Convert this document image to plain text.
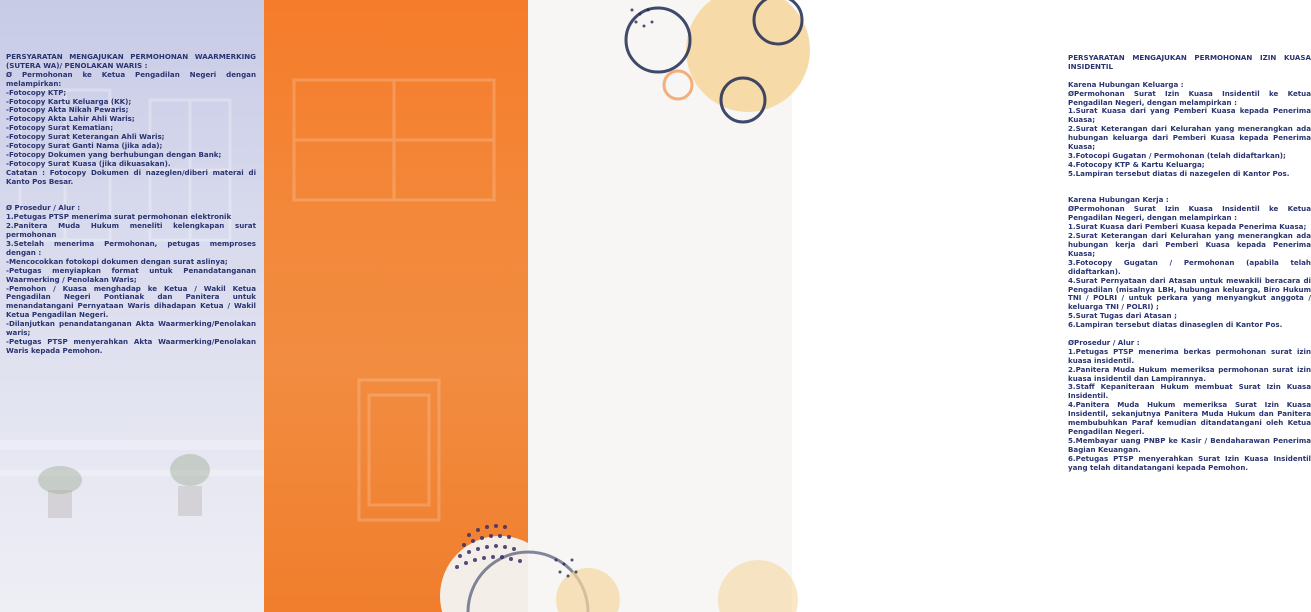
PERSYARATAN MENGAJUKAN PERMOHONAN WAARMERKING (SUTERA WA)/ PENOLAKAN WARIS :

Ø Permohonan ke Ketua Pengadilan Negeri dengan melampirkan:

-Fotocopy KTP;

-Fotocopy Kartu Keluarga (KK);

-Fotocopy Akta Nikah Pewaris;

-Fotocopy Akta Lahir Ahli Waris;

-Fotocopy Surat Kematian;

-Fotocopy Surat Keterangan Ahli Waris;

-Fotocopy Surat Ganti Nama (jika ada);

-Fotocopy Dokumen yang berhubungan dengan Bank;

-Fotocopy Surat Kuasa (jika dikuasakan).

Catatan : Fotocopy Dokumen di nazeglen/diberi materai di Kanto Pos Besar.

Ø Prosedur / Alur :

1.Petugas PTSP menerima surat permohonan elektronik

2.Panitera Muda Hukum meneliti kelengkapan surat permohonan

3.Setelah menerima Permohonan, petugas memproses dengan :

-Mencocokkan fotokopi dokumen dengan surat aslinya;

-Petugas menyiapkan format untuk Penandatanganan Waarmerking / Penolakan Waris;

-Pemohon / Kuasa menghadap ke Ketua / Wakil Ketua Pengadilan Negeri Pontianak dan Panitera untuk menandatangani Pernyataan Waris dihadapan Ketua / Wakil Ketua Pengadilan Negeri.

-Dilanjutkan penandatanganan Akta Waarmerking/Penolakan waris;

-Petugas PTSP menyerahkan Akta Waarmerking/Penolakan Waris kepada Pemohon.

PERSYARATAN MENGAJUKAN PERMOHONAN IZIN KUASA INSIDENTIL

Karena Hubungan Keluarga :

ØPermohonan Surat Izin Kuasa Insidentil ke Ketua Pengadilan Negeri, dengan melampirkan :

1.Surat Kuasa dari yang Pemberi Kuasa kepada Penerima Kuasa;

2.Surat Keterangan dari Kelurahan yang menerangkan ada hubungan keluarga dari Pemberi Kuasa kepada Penerima Kuasa;

3.Fotocopi Gugatan / Permohonan (telah didaftarkan);

4.Fotocopy KTP & Kartu Keluarga;

5.Lampiran tersebut diatas di nazegelen di Kantor Pos.

Karena Hubungan Kerja :

ØPermohonan Surat Izin Kuasa Insidentil ke Ketua Pengadilan Negeri, dengan melampirkan :

1.Surat Kuasa dari Pemberi Kuasa kepada Penerima Kuasa;

2.Surat Keterangan dari Kelurahan yang menerangkan ada hubungan kerja dari Pemberi Kuasa kepada Penerima Kuasa;

3.Fotocopy Gugatan / Permohonan (apabila telah didaftarkan).

4.Surat Pernyataan dari Atasan untuk mewakili beracara di Pengadilan (misalnya LBH, hubungan keluarga, Biro Hukum TNI / POLRI / untuk perkara yang menyangkut anggota / keluarga TNI / POLRI) ;

5.Surat Tugas dari Atasan ;

6.Lampiran tersebut diatas dinaseglen di Kantor Pos.

ØProsedur / Alur :

1.Petugas PTSP menerima berkas permohonan surat izin kuasa insidentil.

2.Panitera Muda Hukum memeriksa permohonan surat izin kuasa insidentil dan Lampirannya.

3.Staff Kepaniteraan Hukum membuat Surat Izin Kuasa Insidentil.

4.Panitera Muda Hukum memeriksa Surat Izin Kuasa Insidentil, sekanjutnya Panitera Muda Hukum dan Panitera membubuhkan Paraf kemudian ditandatangani oleh Ketua Pengadilan Negeri.

5.Membayar uang PNBP ke Kasir / Bendaharawan Penerima Bagian Keuangan.

6.Petugas PTSP menyerahkan Surat Izin Kuasa Insidentil yang telah ditandatangani kepada Pemohon.
